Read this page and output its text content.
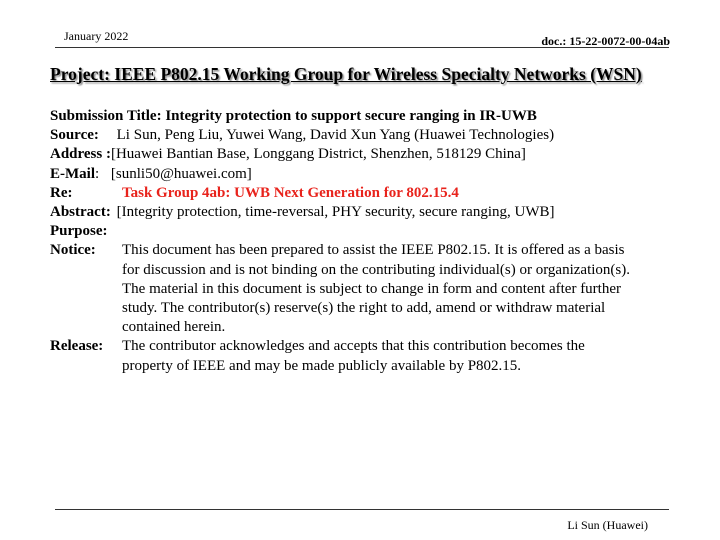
January 2022	doc.: 15-22-0072-00-04ab
Project: IEEE P802.15 Working Group for Wireless Specialty Networks (WSN)
Submission Title: Integrity protection to support secure ranging in IR-UWB
Source: Li Sun, Peng Liu, Yuwei Wang, David Xun Yang (Huawei Technologies)
Address :[Huawei Bantian Base, Longgang District, Shenzhen, 518129 China]
E-Mail: [sunli50@huawei.com]
Re:	Task Group 4ab: UWB Next Generation for 802.15.4
Abstract: [Integrity protection, time-reversal, PHY security, secure ranging, UWB]
Purpose:
Notice:	This document has been prepared to assist the IEEE P802.15. It is offered as a basis
for discussion and is not binding on the contributing individual(s) or organization(s).
The material in this document is subject to change in form and content after further
study. The contributor(s) reserve(s) the right to add, amend or withdraw material
contained herein.
Release:	The contributor acknowledges and accepts that this contribution becomes the
property of IEEE and may be made publicly available by P802.15.
Li Sun (Huawei)
